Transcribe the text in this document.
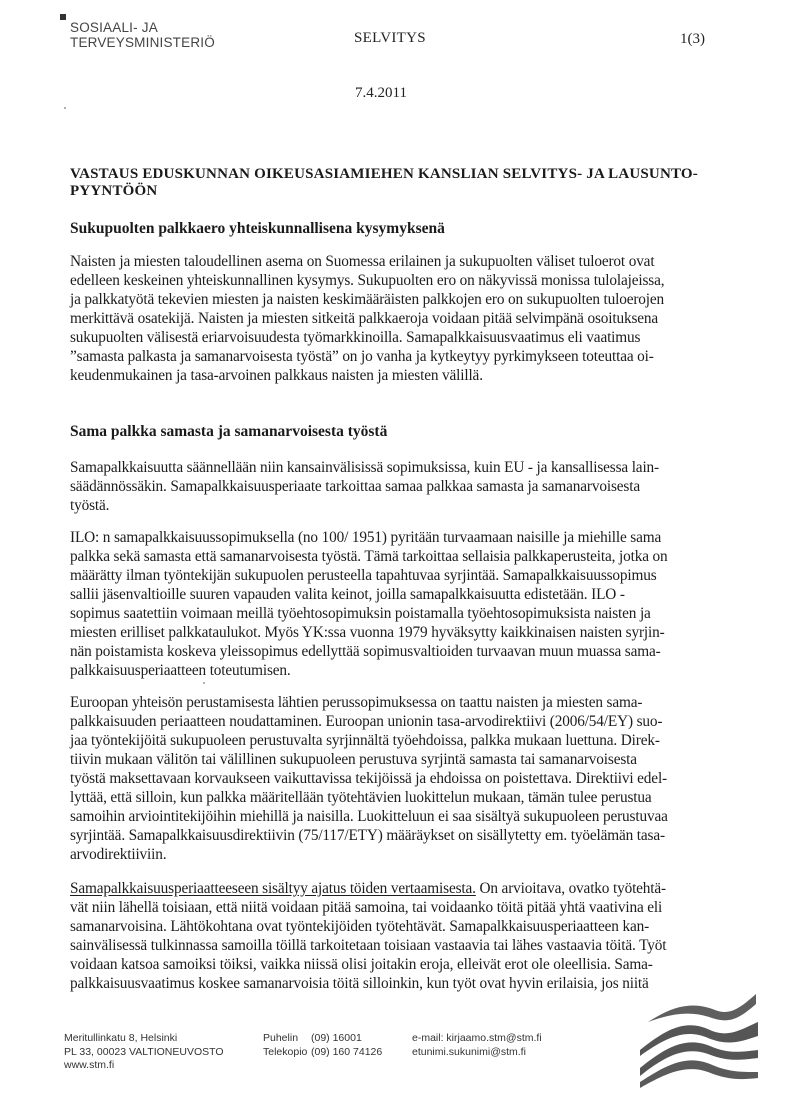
SOSIAALI- JA
TERVEYSMINISTERIÖ	SELVITYS	1(3)
7.4.2011
VASTAUS EDUSKUNNAN OIKEUSASIAMIEHEN KANSLIAN SELVITYS- JA LAUSUNTO-
PYYNTÖÖN
Sukupuolten palkkaero yhteiskunnallisena kysymyksenä

Naisten ja miesten taloudellinen asema on Suomessa erilainen ja sukupuolten väliset tuloerot ovat
edelleen keskeinen yhteiskunnallinen kysymys. Sukupuolten ero on näkyvissä monissa tulolajeissa,
ja palkkatyötä tekevien miesten ja naisten keskimääräisten palkkojen ero on sukupuolten tuloerojen
merkittävä osatekijä. Naisten ja miesten sitkeitä palkkaeroja voidaan pitää selvimpänä osoituksena
sukupuolten välisestä eriarvoisuudesta työmarkkinoilla. Samapalkkaisuusvaatimus eli vaatimus
”samasta palkasta ja samanarvoisesta työstä” on jo vanha ja kytkeytyy pyrkimykseen toteuttaa oi-
keudenmukainen ja tasa-arvoinen palkkaus naisten ja miesten välillä.

Sama palkka samasta ja samanarvoisesta työstä

Samapalkkaisuutta säännellään niin kansainvälisissä sopimuksissa, kuin EU - ja kansallisessa lain-
säädännössäkin. Samapalkkaisuusperiaate tarkoittaa samaa palkkaa samasta ja samanarvoisesta
työstä.

ILO: n samapalkkaisuussopimuksella (no 100/ 1951) pyritään turvaamaan naisille ja miehille sama
palkka sekä samasta että samanarvoisesta työstä. Tämä tarkoittaa sellaisia palkkaperusteita, jotka on
määrätty ilman työntekijän sukupuolen perusteella tapahtuvaa syrjintää. Samapalkkaisuussopimus
sallii jäsenvaltioille suuren vapauden valita keinot, joilla samapalkkaisuutta edistetään. ILO -
sopimus saatettiin voimaan meillä työehtosopimuksin poistamalla työehtosopimuksista naisten ja
miesten erilliset palkkataulukot. Myös YK:ssa vuonna 1979 hyväksytty kaikkinaisen naisten syrjin-
nän poistamista koskeva yleissopimus edellyttää sopimusvaltioiden turvaavan muun muassa sama-
palkkaisuusperiaatteen toteutumisen.

Euroopan yhteisön perustamisesta lähtien perussopimuksessa on taattu naisten ja miesten sama-
palkkaisuuden periaatteen noudattaminen. Euroopan unionin tasa-arvodirektiivi (2006/54/EY) suo-
jaa työntekijöitä sukupuoleen perustuvalta syrjinnältä työehdoissa, palkka mukaan luettuna. Direk-
tiivin mukaan välitön tai välillinen sukupuoleen perustuva syrjintä samasta tai samanarvoisesta
työstä maksettavaan korvaukseen vaikuttavissa tekijöissä ja ehdoissa on poistettava. Direktiivi edel-
lyttää, että silloin, kun palkka määritellään työtehtävien luokittelun mukaan, tämän tulee perustua
samoihin arviointitekijöihin miehillä ja naisilla. Luokitteluun ei saa sisältyä sukupuoleen perustuvaa
syrjintää. Samapalkkaisuusdirektiivin (75/117/ETY) määräykset on sisällytetty em. työelämän tasa-
arvodirektiiviin.

Samapalkkaisuusperiaatteeseen sisältyy ajatus töiden vertaamisesta. On arvioitava, ovatko työtehtä-
vät niin lähellä toisiaan, että niitä voidaan pitää samoina, tai voidaanko töitä pitää yhtä vaativina eli
samanarvoisina. Lähtökohtana ovat työntekijöiden työtehtävät. Samapalkkaisuusperiaatteen kan-
sainvälisessä tulkinnassa samoilla töillä tarkoitetaan toisiaan vastaavia tai lähes vastaavia töitä. Työt
voidaan katsoa samoiksi töiksi, vaikka niissä olisi joitakin eroja, elleivät erot ole oleellisia. Sama-
palkkaisuusvaatimus koskee samanarvoisia töitä silloinkin, kun työt ovat hyvin erilaisia, jos niitä

Meritullinkatu 8, Helsinki
PL 33, 00023 VALTIONEUVOSTO
www.stm.fi
Puhelin (09) 16001
Telekopio (09) 160 74126
e-mail: kirjaamo.stm@stm.fi
etunimi.sukunimi@stm.fi
